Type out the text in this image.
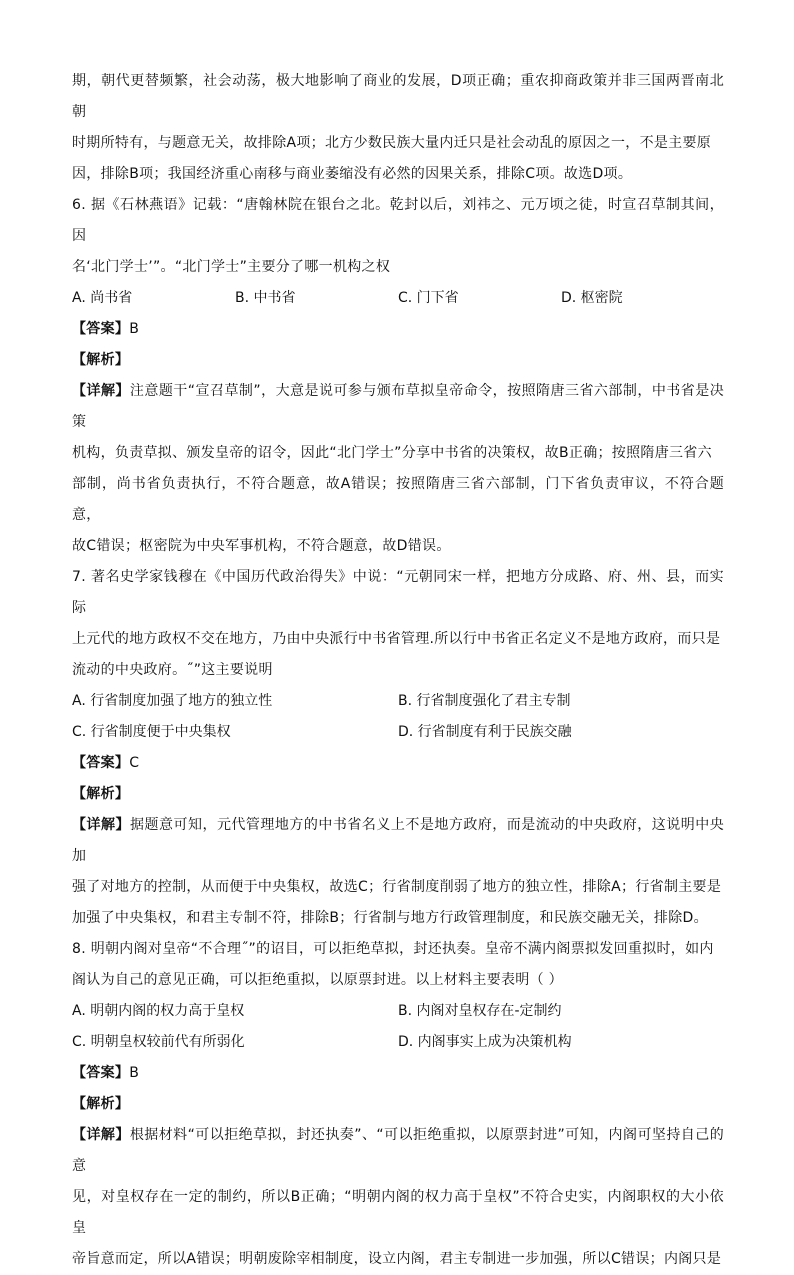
期，朝代更替频繁，社会动荡，极大地影响了商业的发展，D项正确；重农抑商政策并非三国两晋南北朝

时期所特有，与题意无关，故排除A项；北方少数民族大量内迁只是社会动乱的原因之一，不是主要原

因，排除B项；我国经济重心南移与商业萎缩没有必然的因果关系，排除C项。故选D项。

6. 据《石林燕语》记载：“唐翰林院在银台之北。乾封以后，刘祎之、元万顷之徒，时宣召草制其间，因

名‘北门学士’”。“北门学士”主要分了哪一机构之权

A. 尚书省	B. 中书省	C. 门下省	D. 枢密院

【答案】B

【解析】

【详解】注意题干“宣召草制”，大意是说可参与颁布草拟皇帝命令，按照隋唐三省六部制，中书省是决策

机构，负责草拟、颁发皇帝的诏令，因此“北门学士”分享中书省的决策权，故B正确；按照隋唐三省六

部制，尚书省负责执行，不符合题意，故A错误；按照隋唐三省六部制，门下省负责审议，不符合题意，

故C错误；枢密院为中央军事机构，不符合题意，故D错误。

7. 著名史学家钱穆在《中国历代政治得失》中说：“元朝同宋一样，把地方分成路、府、州、县，而实际

上元代的地方政权不交在地方，乃由中央派行中书省管理.所以行中书省正名定义不是地方政府，而只是

流动的中央政府。˝”这主要说明

A. 行省制度加强了地方的独立性	B. 行省制度强化了君主专制
C. 行省制度便于中央集权	D. 行省制度有利于民族交融

【答案】C

【解析】

【详解】据题意可知，元代管理地方的中书省名义上不是地方政府，而是流动的中央政府，这说明中央加

强了对地方的控制，从而便于中央集权，故选C；行省制度削弱了地方的独立性，排除A；行省制主要是

加强了中央集权，和君主专制不符，排除B；行省制与地方行政管理制度，和民族交融无关，排除D。

8. 明朝内阁对皇帝“不合理˝”的诏目，可以拒绝草拟，封还执奏。皇帝不满内阁票拟发回重拟时，如内

阁认为自己的意见正确，可以拒绝重拟，以原票封进。以上材料主要表明（ ）

A. 明朝内阁的权力高于皇权	B. 内阁对皇权存在-定制约
C. 明朝皇权较前代有所弱化	D. 内阁事实上成为决策机构

【答案】B

【解析】

【详解】根据材料“可以拒绝草拟，封还执奏”、“可以拒绝重拟，以原票封进”可知，内阁可坚持自己的意

见，对皇权存在一定的制约，所以B正确；“明朝内阁的权力高于皇权”不符合史实，内阁职权的大小依皇

帝旨意而定，所以A错误；明朝废除宰相制度，设立内阁，君主专制进一步加强，所以C错误；内阁只是
